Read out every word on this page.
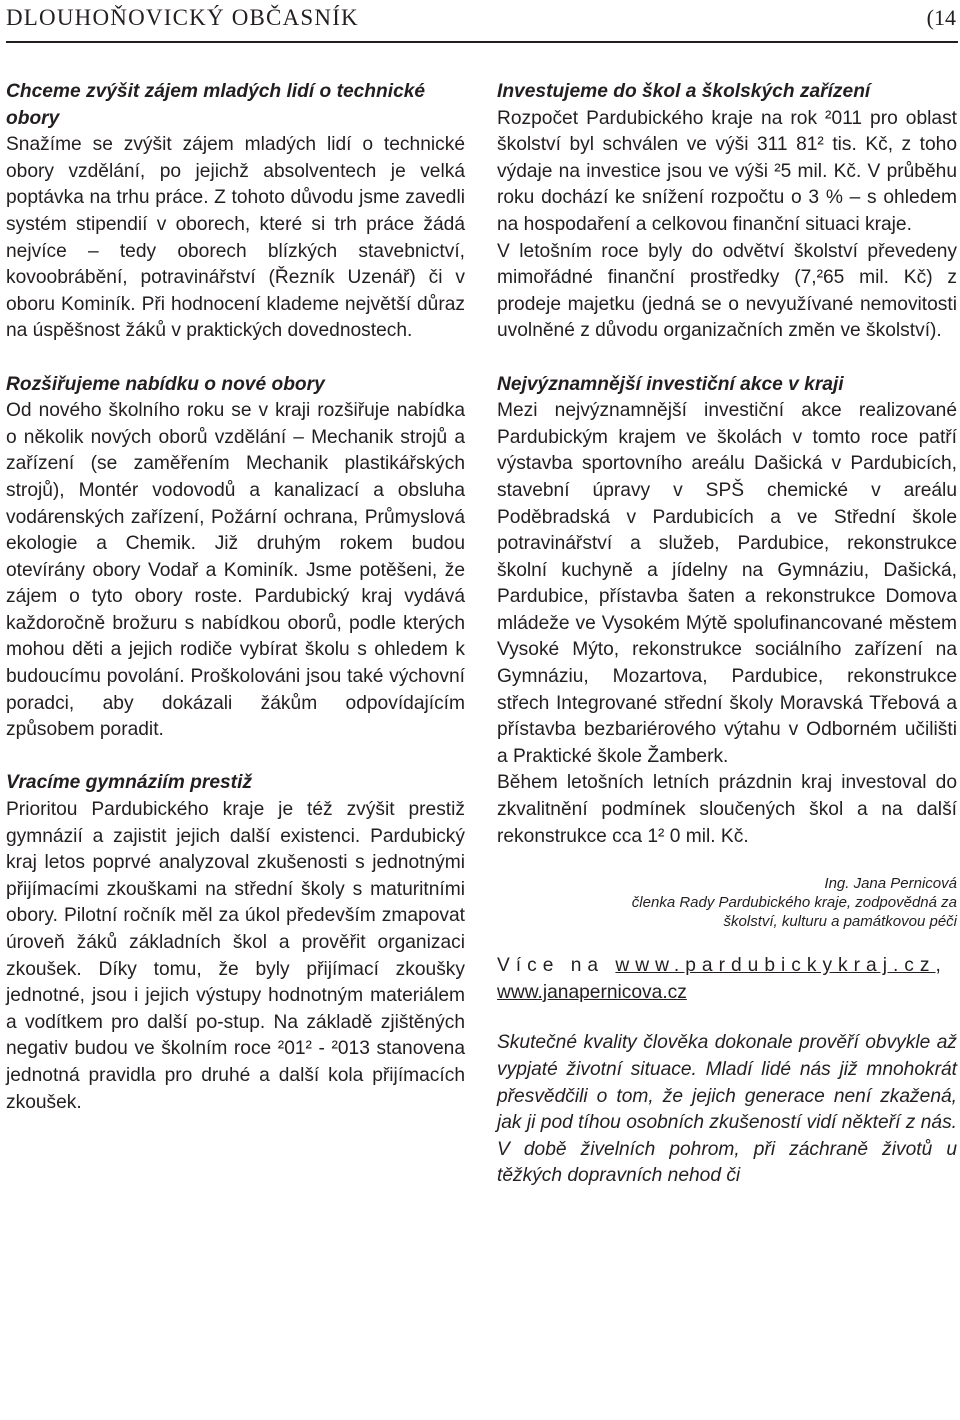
DLOUHOŇOVICKÝ OBČASNÍK	(14
Chceme zvýšit zájem mladých lidí o technické obory
Snažíme se zvýšit zájem mladých lidí o technické obory vzdělání, po jejichž absolventech je velká poptávka na trhu práce. Z tohoto důvodu jsme zavedli systém stipendií v oborech, které si trh práce žádá nejvíce – tedy oborech blízkých stavebnictví, kovoobrábění, potravinářství (Řezník Uzenář) či v oboru Kominík. Při hodnocení klademe největší důraz na úspěšnost žáků v praktických dovednostech.
Rozšiřujeme nabídku o nové obory
Od nového školního roku se v kraji rozšiřuje nabídka o několik nových oborů vzdělání – Mechanik strojů a zařízení (se zaměřením Mechanik plastikářských strojů), Montér vodovodů a kanalizací a obsluha vodárenských zařízení, Požární ochrana, Průmyslová ekologie a Chemik. Již druhým rokem budou otevírány obory Vodař a Kominík. Jsme potěšeni, že zájem o tyto obory roste. Pardubický kraj vydává každoročně brožuru s nabídkou oborů, podle kterých mohou děti a jejich rodiče vybírat školu s ohledem k budoucímu povolání. Proškolováni jsou také výchovní poradci, aby dokázali žákům odpovídajícím způsobem poradit.
Vracíme gymnáziím prestiž
Prioritou Pardubického kraje je též zvýšit prestiž gymnázií a zajistit jejich další existenci. Pardubický kraj letos poprvé analyzoval zkušenosti s jednotnými přijímacími zkouškami na střední školy s maturitními obory. Pilotní ročník měl za úkol především zmapovat úroveň žáků základních škol a prověřit organizaci zkoušek. Díky tomu, že byly přijímací zkoušky jednotné, jsou i jejich výstupy hodnotným materiálem a vodítkem pro další po-stup. Na základě zjištěných negativ budou ve školním roce ²01² - ²013 stanovena jednotná pravidla pro druhé a další kola přijímacích zkoušek.
Investujeme do škol a školských zařízení
Rozpočet Pardubického kraje na rok ²011 pro oblast školství byl schválen ve výši 311 81² tis. Kč, z toho výdaje na investice jsou ve výši ²5 mil. Kč. V průběhu roku dochází ke snížení rozpočtu o 3 % – s ohledem na hospodaření a celkovou finanční situaci kraje.
V letošním roce byly do odvětví školství převedeny mimořádné finanční prostředky (7,²65 mil. Kč) z prodeje majetku (jedná se o nevyužívané nemovitosti uvolněné z důvodu organizačních změn ve školství).
Nejvýznamnější investiční akce v kraji
Mezi nejvýznamnější investiční akce realizované Pardubickým krajem ve školách v tomto roce patří výstavba sportovního areálu Dašická v Pardubicích, stavební úpravy v SPŠ chemické v areálu Poděbradská v Pardubicích a ve Střední škole potravinářství a služeb, Pardubice, rekonstrukce školní kuchyně a jídelny na Gymnáziu, Dašická, Pardubice, přístavba šaten a rekonstrukce Domova mládeže ve Vysokém Mýtě spolufinancované městem Vysoké Mýto, rekonstrukce sociálního zařízení na Gymnáziu, Mozartova, Pardubice, rekonstrukce střech Integrované střední školy Moravská Třebová a přístavba bezbariérového výtahu v Odborném učilišti a Praktické škole Žamberk.
Během letošních letních prázdnin kraj investoval do zkvalitnění podmínek sloučených škol a na další rekonstrukce cca 1² 0 mil. Kč.
Ing. Jana Pernicová
členka Rady Pardubického kraje, zodpovědná za
školství, kulturu a památkovou péči
Více na www.pardubickykraj.cz,
www.janapernicova.cz
Skutečné kvality člověka dokonale prověří obvykle až vypjaté životní situace. Mladí lidé nás již mnohokrát přesvědčili o tom, že jejich generace není zkažená, jak ji pod tíhou osobních zkušeností vidí někteří z nás. V době živelních pohrom, při záchraně životů u těžkých dopravních nehod či
